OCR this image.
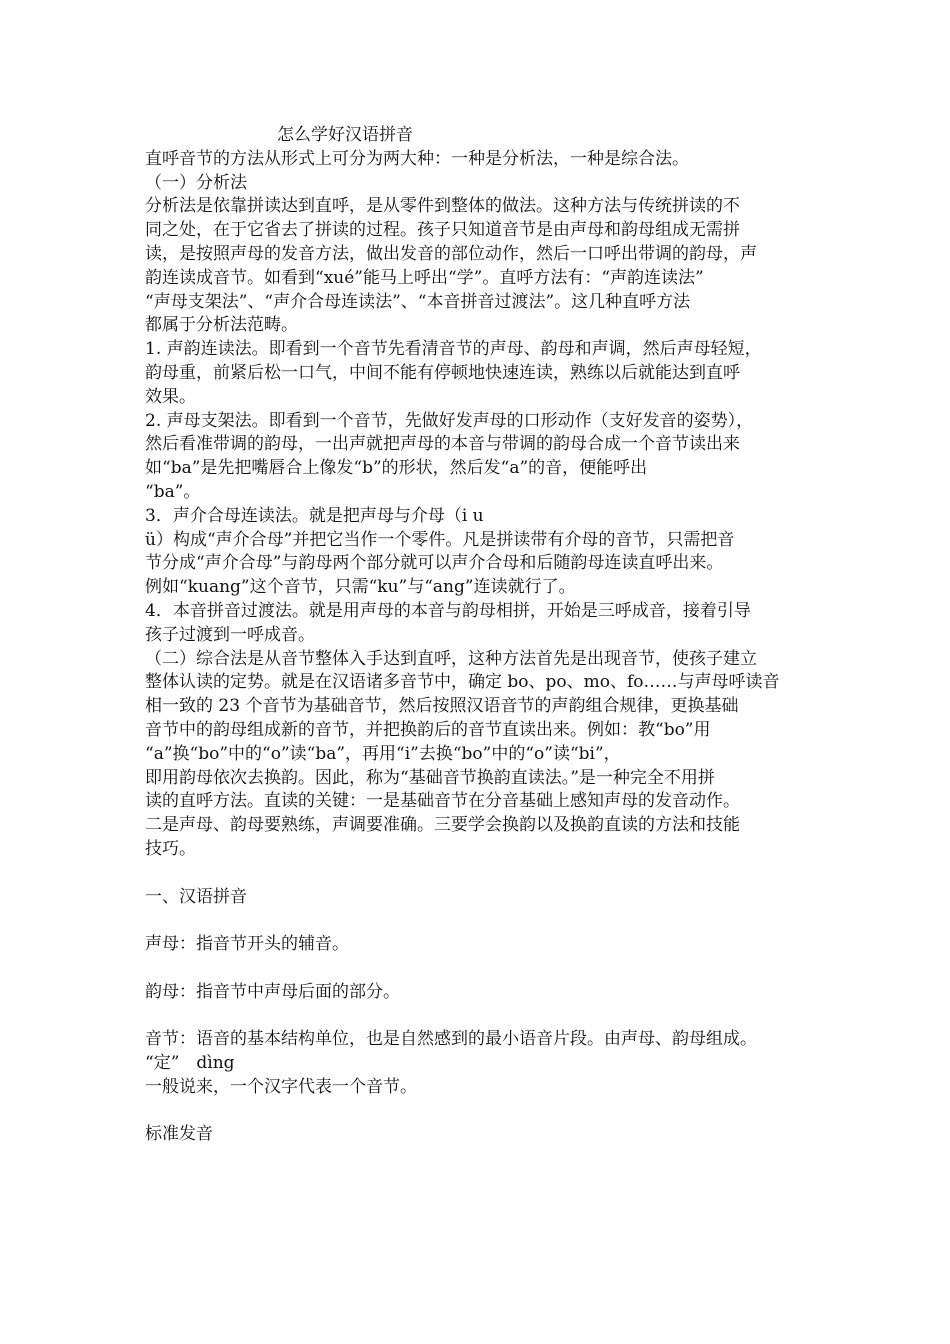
怎么学好汉语拼音
直呼音节的方法从形式上可分为两大种：一种是分析法，一种是综合法。
（一）分析法
分析法是依靠拼读达到直呼，是从零件到整体的做法。这种方法与传统拼读的不
同之处，在于它省去了拼读的过程。孩子只知道音节是由声母和韵母组成无需拼
读，是按照声母的发音方法，做出发音的部位动作，然后一口呼出带调的韵母，声
韵连读成音节。如看到“xué”能马上呼出“学”。直呼方法有：“声韵连读法”
“声母支架法”、“声介合母连读法”、“本音拼音过渡法”。这几种直呼方法
都属于分析法范畴。
1. 声韵连读法。即看到一个音节先看清音节的声母、韵母和声调，然后声母轻短，
韵母重，前紧后松一口气，中间不能有停顿地快速连读，熟练以后就能达到直呼
效果。
2. 声母支架法。即看到一个音节，先做好发声母的口形动作（支好发音的姿势），
然后看准带调的韵母，一出声就把声母的本音与带调的韵母合成一个音节读出来
如“ba”是先把嘴唇合上像发“b”的形状，然后发“a”的音，便能呼出
“ba”。
3．声介合母连读法。就是把声母与介母（i u
ü）构成“声介合母”并把它当作一个零件。凡是拼读带有介母的音节，只需把音
节分成“声介合母”与韵母两个部分就可以声介合母和后随韵母连读直呼出来。
例如“kuang”这个音节，只需“ku”与“ang”连读就行了。
4．本音拼音过渡法。就是用声母的本音与韵母相拼，开始是三呼成音，接着引导
孩子过渡到一呼成音。
（二）综合法是从音节整体入手达到直呼，这种方法首先是出现音节，使孩子建立
整体认读的定势。就是在汉语诸多音节中，确定 bo、po、mo、fo……与声母呼读音
相一致的 23 个音节为基础音节，然后按照汉语音节的声韵组合规律，更换基础
音节中的韵母组成新的音节，并把换韵后的音节直读出来。例如：教“bo”用
“a”换“bo”中的“o”读“ba”，再用“i”去换“bo”中的“o”读“bi”，
即用韵母依次去换韵。因此，称为“基础音节换韵直读法。”是一种完全不用拼
读的直呼方法。直读的关键：一是基础音节在分音基础上感知声母的发音动作。
二是声母、韵母要熟练，声调要准确。三要学会换韵以及换韵直读的方法和技能
技巧。
一、汉语拼音
声母：指音节开头的辅音。
韵母：指音节中声母后面的部分。
音节：语音的基本结构单位，也是自然感到的最小语音片段。由声母、韵母组成。
“定”　dìng
一般说来，一个汉字代表一个音节。
标准发音
